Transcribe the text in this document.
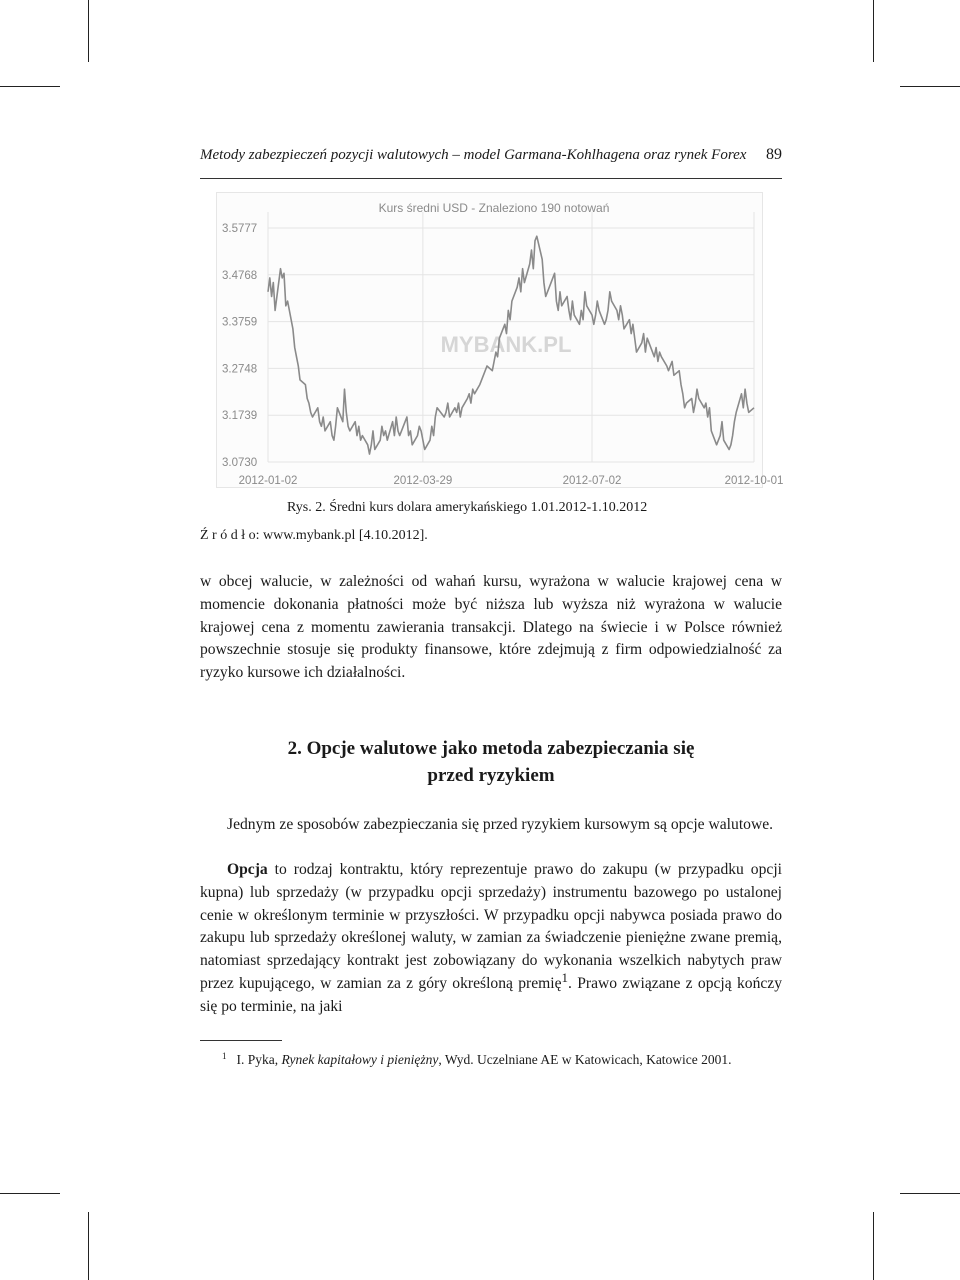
Metody zabezpieczeń pozycji walutowych – model Garmana-Kohlhagena oraz rynek Forex 89
MYBANK.PL
Kurs średni USD - Znaleziono 190 notowań
3.5777
3.4768
3.3759
3.2748
3.1739
3.0730
2012-01-02	2012-03-29	2012-07-02	2012-10-01
Rys. 2. Średni kurs dolara amerykańskiego 1.01.2012-1.10.2012
Ź r ó d ł o: www.mybank.pl [4.10.2012].

w obcej walucie, w zależności od wahań kursu, wyrażona w walucie krajowej cena w momencie dokonania płatności może być niższa lub wyższa niż wyrażona w walucie krajowej cena z momentu zawierania transakcji. Dlatego na świecie i w Polsce również powszechnie stosuje się produkty finansowe, które zdejmują z firm odpowiedzialność za ryzyko kursowe ich działalności.

2. Opcje walutowe jako metoda zabezpieczania się
przed ryzykiem

Jednym ze sposobów zabezpieczania się przed ryzykiem kursowym są opcje walutowe.

Opcja to rodzaj kontraktu, który reprezentuje prawo do zakupu (w przypadku opcji kupna) lub sprzedaży (w przypadku opcji sprzedaży) instrumentu bazowego po ustalonej cenie w określonym terminie w przyszłości. W przypadku opcji nabywca posiada prawo do zakupu lub sprzedaży określonej waluty, w zamian za świadczenie pieniężne zwane premią, natomiast sprzedający kontrakt jest zobowiązany do wykonania wszelkich nabytych praw przez kupującego, w zamian za z góry określoną premię$^1$. Prawo związane z opcją kończy się po terminie, na jaki

$^1$ I. Pyka, Rynek kapitałowy i pieniężny, Wyd. Uczelniane AE w Katowicach, Katowice 2001.
